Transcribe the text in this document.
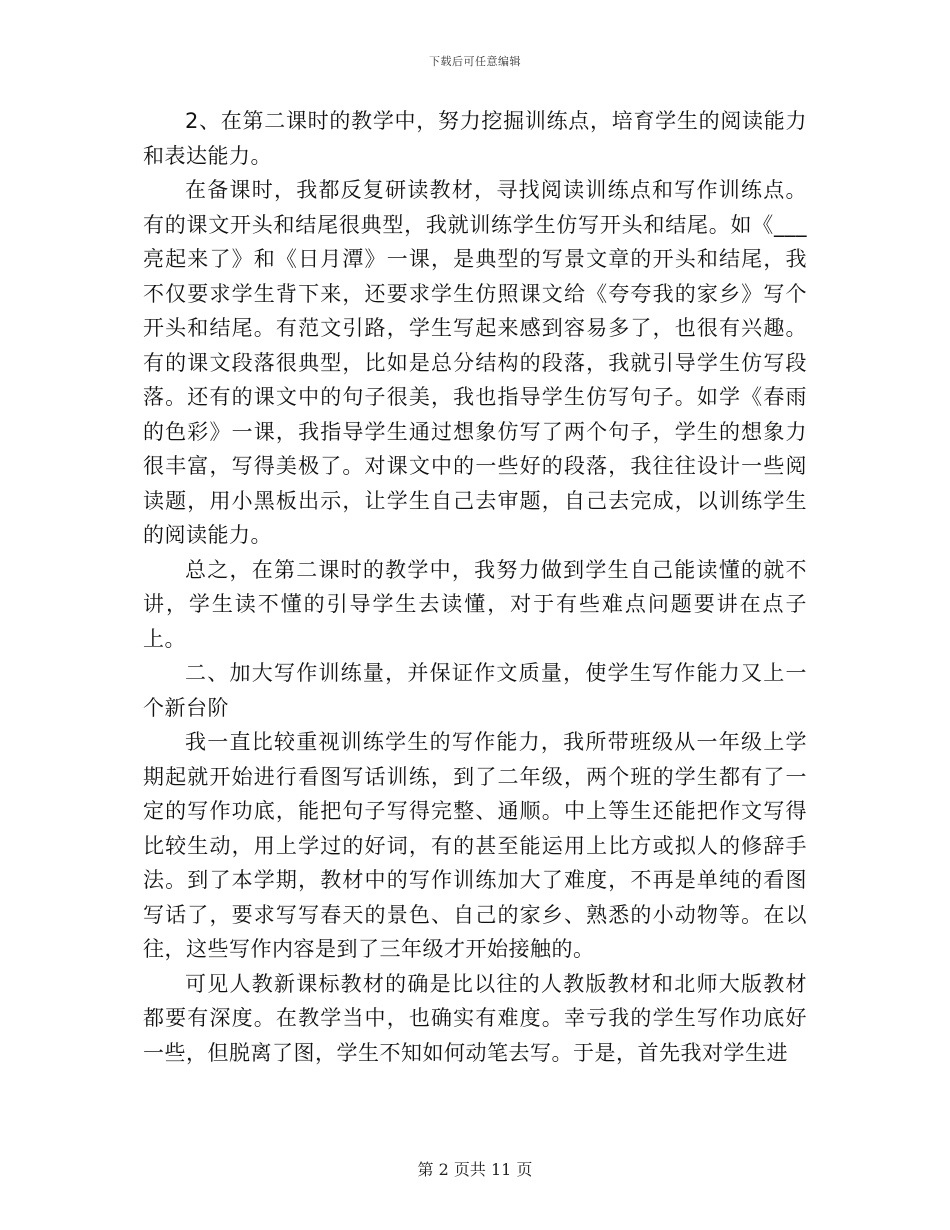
下载后可任意编辑

2、在第二课时的教学中，努力挖掘训练点，培育学生的阅读能力和表达能力。

在备课时，我都反复研读教材，寻找阅读训练点和写作训练点。有的课文开头和结尾很典型，我就训练学生仿写开头和结尾。如《___亮起来了》和《日月潭》一课，是典型的写景文章的开头和结尾，我不仅要求学生背下来，还要求学生仿照课文给《夸夸我的家乡》写个开头和结尾。有范文引路，学生写起来感到容易多了，也很有兴趣。有的课文段落很典型，比如是总分结构的段落，我就引导学生仿写段落。还有的课文中的句子很美，我也指导学生仿写句子。如学《春雨的色彩》一课，我指导学生通过想象仿写了两个句子，学生的想象力很丰富，写得美极了。对课文中的一些好的段落，我往往设计一些阅读题，用小黑板出示，让学生自己去审题，自己去完成，以训练学生的阅读能力。

总之，在第二课时的教学中，我努力做到学生自己能读懂的就不讲，学生读不懂的引导学生去读懂，对于有些难点问题要讲在点子上。

二、加大写作训练量，并保证作文质量，使学生写作能力又上一个新台阶

我一直比较重视训练学生的写作能力，我所带班级从一年级上学期起就开始进行看图写话训练，到了二年级，两个班的学生都有了一定的写作功底，能把句子写得完整、通顺。中上等生还能把作文写得比较生动，用上学过的好词，有的甚至能运用上比方或拟人的修辞手法。到了本学期，教材中的写作训练加大了难度，不再是单纯的看图写话了，要求写写春天的景色、自己的家乡、熟悉的小动物等。在以往，这些写作内容是到了三年级才开始接触的。

可见人教新课标教材的确是比以往的人教版教材和北师大版教材都要有深度。在教学当中，也确实有难度。幸亏我的学生写作功底好一些，但脱离了图，学生不知如何动笔去写。于是，首先我对学生进

第 2 页共 11 页
